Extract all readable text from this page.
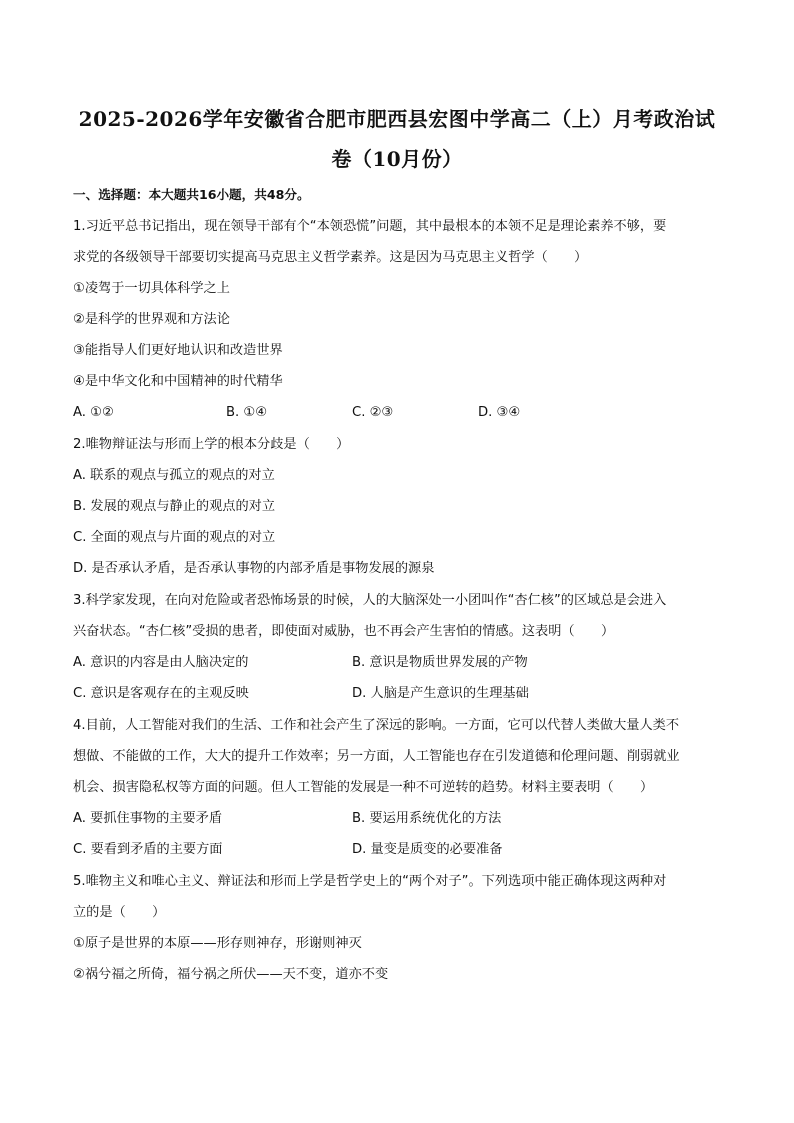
2025-2026学年安徽省合肥市肥西县宏图中学高二（上）月考政治试
卷（10月份）
一、选择题：本大题共16小题，共48分。
1.习近平总书记指出，现在领导干部有个“本领恐慌”问题，其中最根本的本领不足是理论素养不够，要
求党的各级领导干部要切实提高马克思主义哲学素养。这是因为马克思主义哲学（　　）
①凌驾于一切具体科学之上
②是科学的世界观和方法论
③能指导人们更好地认识和改造世界
④是中华文化和中国精神的时代精华
A. ①②	B. ①④	C. ②③	D. ③④
2.唯物辩证法与形而上学的根本分歧是（　　）
A. 联系的观点与孤立的观点的对立
B. 发展的观点与静止的观点的对立
C. 全面的观点与片面的观点的对立
D. 是否承认矛盾，是否承认事物的内部矛盾是事物发展的源泉
3.科学家发现，在向对危险或者恐怖场景的时候，人的大脑深处一小团叫作“杏仁核”的区域总是会进入
兴奋状态。“杏仁核”受损的患者，即使面对威胁，也不再会产生害怕的情感。这表明（　　）
A. 意识的内容是由人脑决定的	B. 意识是物质世界发展的产物
C. 意识是客观存在的主观反映	D. 人脑是产生意识的生理基础
4.目前，人工智能对我们的生活、工作和社会产生了深远的影响。一方面，它可以代替人类做大量人类不
想做、不能做的工作，大大的提升工作效率；另一方面，人工智能也存在引发道德和伦理问题、削弱就业
机会、损害隐私权等方面的问题。但人工智能的发展是一种不可逆转的趋势。材料主要表明（　　）
A. 要抓住事物的主要矛盾	B. 要运用系统优化的方法
C. 要看到矛盾的主要方面	D. 量变是质变的必要准备
5.唯物主义和唯心主义、辩证法和形而上学是哲学史上的“两个对子”。下列选项中能正确体现这两种对
立的是（　　）
①原子是世界的本原——形存则神存，形谢则神灭
②祸兮福之所倚，福兮祸之所伏——天不变，道亦不变
